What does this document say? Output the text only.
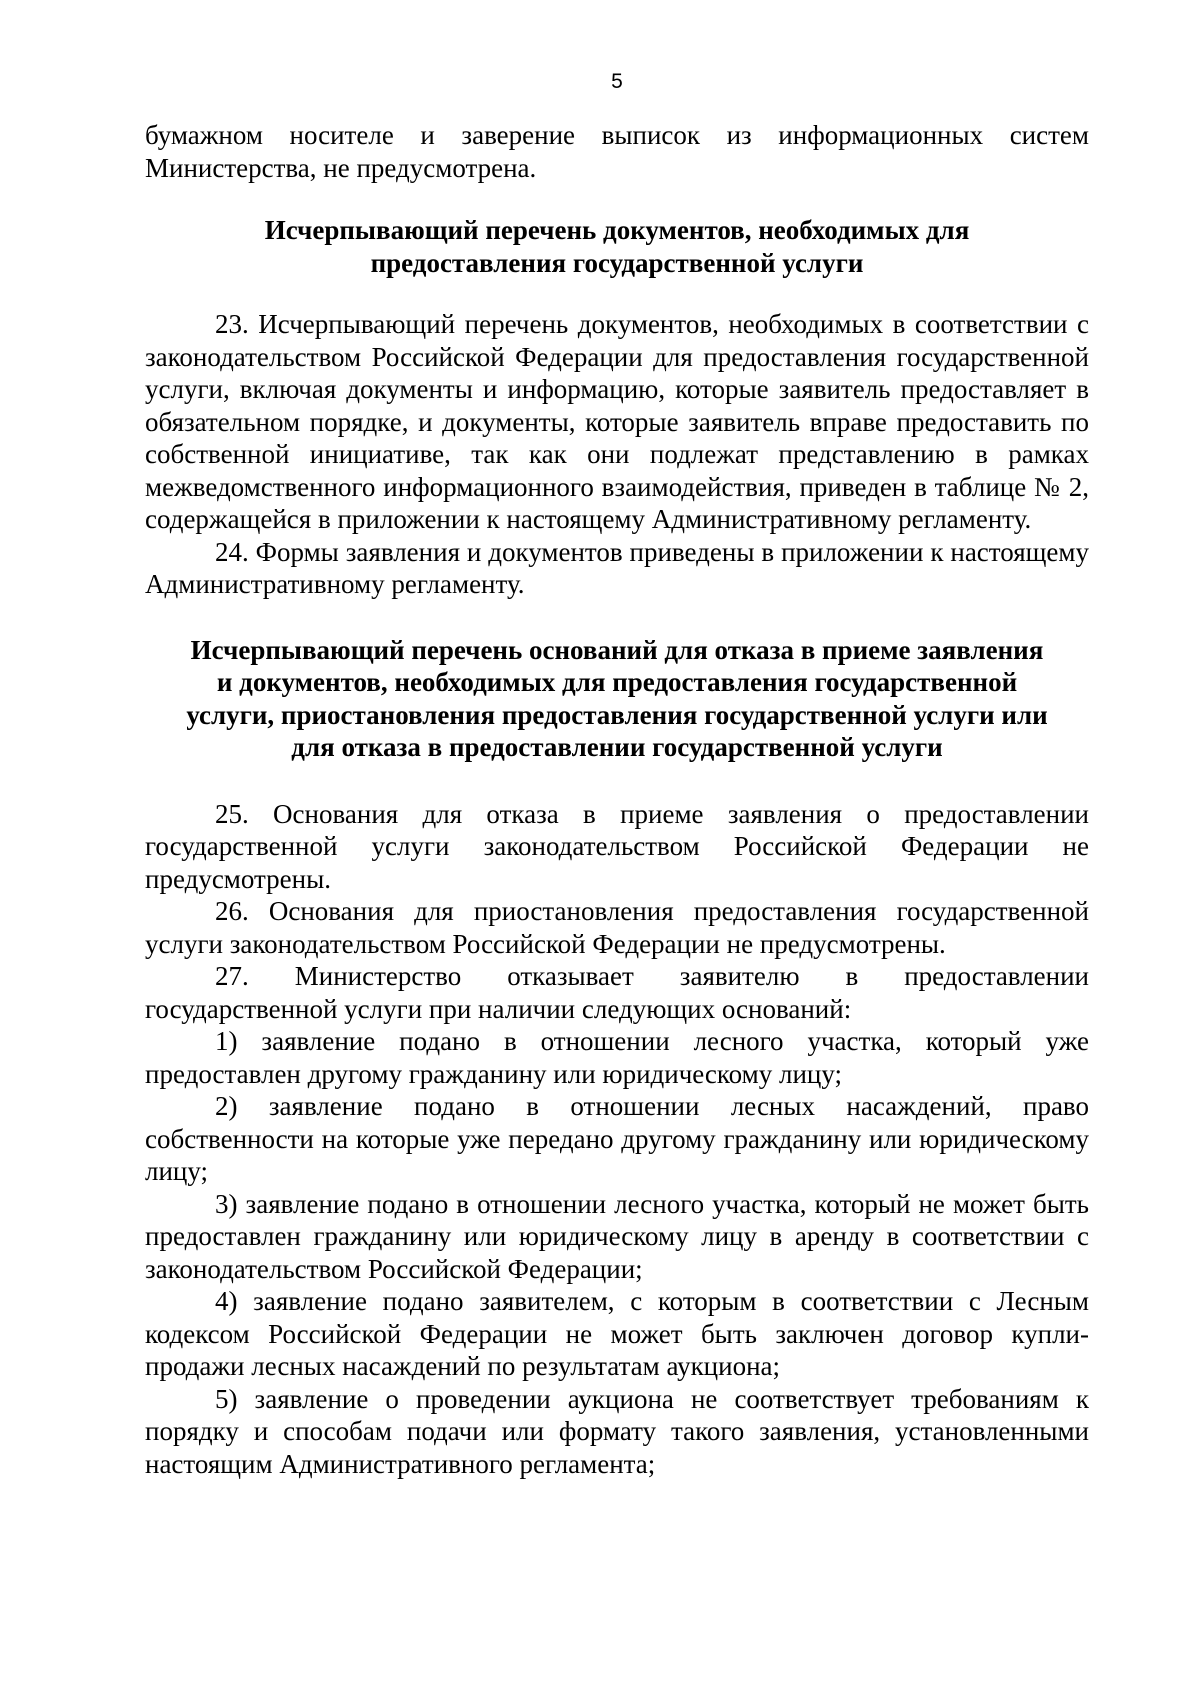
5

бумажном носителе и заверение выписок из информационных систем Министерства, не предусмотрена.

Исчерпывающий перечень документов, необходимых для
предоставления государственной услуги

23. Исчерпывающий перечень документов, необходимых в соответствии с законодательством Российской Федерации для предоставления государственной услуги, включая документы и информацию, которые заявитель предоставляет в обязательном порядке, и документы, которые заявитель вправе предоставить по собственной инициативе, так как они подлежат представлению в рамках межведомственного информационного взаимодействия, приведен в таблице № 2, содержащейся в приложении к настоящему Административному регламенту.

24. Формы заявления и документов приведены в приложении к настоящему Административному регламенту.

Исчерпывающий перечень оснований для отказа в приеме заявления
и документов, необходимых для предоставления государственной
услуги, приостановления предоставления государственной услуги или
для отказа в предоставлении государственной услуги

25. Основания для отказа в приеме заявления о предоставлении государственной услуги законодательством Российской Федерации не предусмотрены.

26. Основания для приостановления предоставления государственной услуги законодательством Российской Федерации не предусмотрены.

27. Министерство отказывает заявителю в предоставлении государственной услуги при наличии следующих оснований:

1) заявление подано в отношении лесного участка, который уже предоставлен другому гражданину или юридическому лицу;

2) заявление подано в отношении лесных насаждений, право собственности на которые уже передано другому гражданину или юридическому лицу;

3) заявление подано в отношении лесного участка, который не может быть предоставлен гражданину или юридическому лицу в аренду в соответствии с законодательством Российской Федерации;

4) заявление подано заявителем, с которым в соответствии с Лесным кодексом Российской Федерации не может быть заключен договор купли-продажи лесных насаждений по результатам аукциона;

5) заявление о проведении аукциона не соответствует требованиям к порядку и способам подачи или формату такого заявления, установленными настоящим Административного регламента;
